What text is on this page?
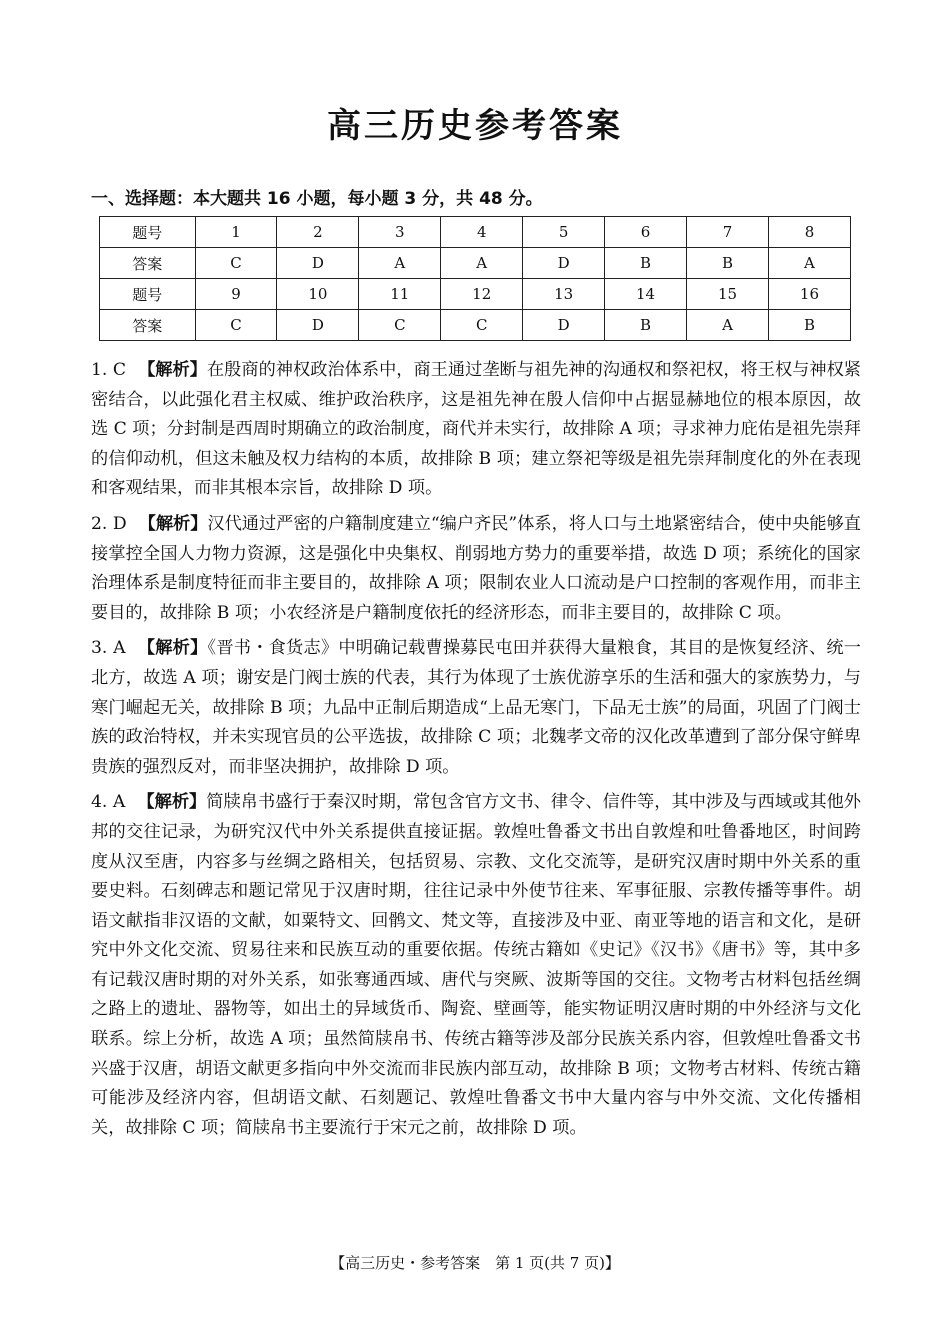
高三历史参考答案
一、选择题：本大题共 16 小题，每小题 3 分，共 48 分。
题号	1	2	3	4	5	6	7	8
答案	C	D	A	A	D	B	B	A
题号	9	10	11	12	13	14	15	16
答案	C	D	C	C	D	B	A	B

1. C 【解析】在殷商的神权政治体系中，商王通过垄断与祖先神的沟通权和祭祀权，将王权与神权紧密结合，以此强化君主权威、维护政治秩序，这是祖先神在殷人信仰中占据显赫地位的根本原因，故选 C 项；分封制是西周时期确立的政治制度，商代并未实行，故排除 A 项；寻求神力庇佑是祖先崇拜的信仰动机，但这未触及权力结构的本质，故排除 B 项；建立祭祀等级是祖先崇拜制度化的外在表现和客观结果，而非其根本宗旨，故排除 D 项。

2. D 【解析】汉代通过严密的户籍制度建立“编户齐民”体系，将人口与土地紧密结合，使中央能够直接掌控全国人力物力资源，这是强化中央集权、削弱地方势力的重要举措，故选 D 项；系统化的国家治理体系是制度特征而非主要目的，故排除 A 项；限制农业人口流动是户口控制的客观作用，而非主要目的，故排除 B 项；小农经济是户籍制度依托的经济形态，而非主要目的，故排除 C 项。

3. A 【解析】《晋书・食货志》中明确记载曹操募民屯田并获得大量粮食，其目的是恢复经济、统一北方，故选 A 项；谢安是门阀士族的代表，其行为体现了士族优游享乐的生活和强大的家族势力，与寒门崛起无关，故排除 B 项；九品中正制后期造成“上品无寒门，下品无士族”的局面，巩固了门阀士族的政治特权，并未实现官员的公平选拔，故排除 C 项；北魏孝文帝的汉化改革遭到了部分保守鲜卑贵族的强烈反对，而非坚决拥护，故排除 D 项。

4. A 【解析】简牍帛书盛行于秦汉时期，常包含官方文书、律令、信件等，其中涉及与西域或其他外邦的交往记录，为研究汉代中外关系提供直接证据。敦煌吐鲁番文书出自敦煌和吐鲁番地区，时间跨度从汉至唐，内容多与丝绸之路相关，包括贸易、宗教、文化交流等，是研究汉唐时期中外关系的重要史料。石刻碑志和题记常见于汉唐时期，往往记录中外使节往来、军事征服、宗教传播等事件。胡语文献指非汉语的文献，如粟特文、回鹘文、梵文等，直接涉及中亚、南亚等地的语言和文化，是研究中外文化交流、贸易往来和民族互动的重要依据。传统古籍如《史记》《汉书》《唐书》等，其中多有记载汉唐时期的对外关系，如张骞通西域、唐代与突厥、波斯等国的交往。文物考古材料包括丝绸之路上的遗址、器物等，如出土的异域货币、陶瓷、壁画等，能实物证明汉唐时期的中外经济与文化联系。综上分析，故选 A 项；虽然简牍帛书、传统古籍等涉及部分民族关系内容，但敦煌吐鲁番文书兴盛于汉唐，胡语文献更多指向中外交流而非民族内部互动，故排除 B 项；文物考古材料、传统古籍可能涉及经济内容，但胡语文献、石刻题记、敦煌吐鲁番文书中大量内容与中外交流、文化传播相关，故排除 C 项；简牍帛书主要流行于宋元之前，故排除 D 项。

【高三历史・参考答案　第 1 页(共 7 页)】
